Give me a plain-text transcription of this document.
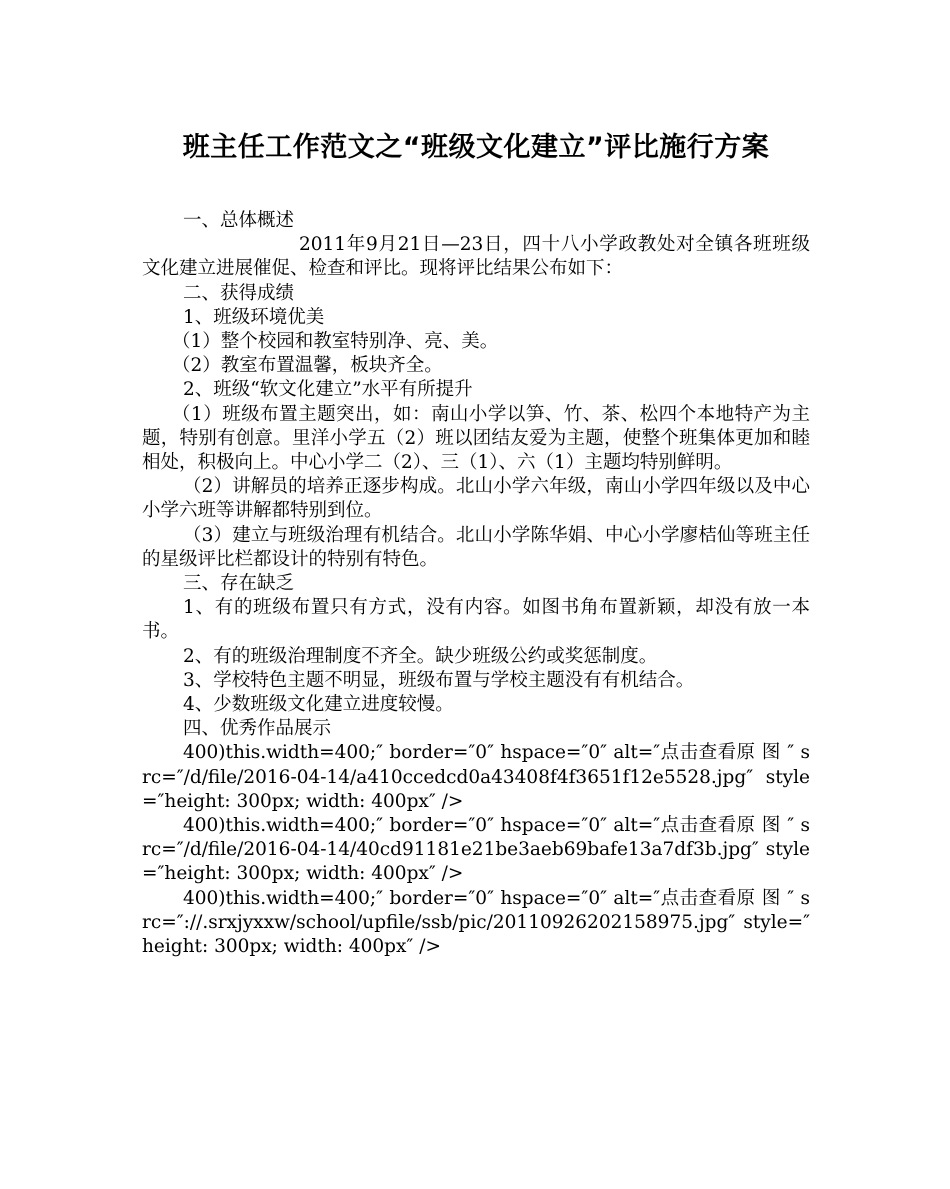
班主任工作范文之“班级文化建立”评比施行方案

一、总体概述

2011年9月21日—23日，四十八小学政教处对全镇各班班级文化建立进展催促、检查和评比。现将评比结果公布如下：

二、获得成绩

1、班级环境优美

（1）整个校园和教室特别净、亮、美。

（2）教室布置温馨，板块齐全。

2、班级“软文化建立”水平有所提升

（1）班级布置主题突出，如：南山小学以笋、竹、茶、松四个本地特产为主题，特别有创意。里洋小学五（2）班以团结友爱为主题，使整个班集体更加和睦相处，积极向上。中心小学二（2）、三（1）、六（1）主题均特别鲜明。

（2）讲解员的培养正逐步构成。北山小学六年级，南山小学四年级以及中心小学六班等讲解都特别到位。

（3）建立与班级治理有机结合。北山小学陈华娟、中心小学廖桔仙等班主任的星级评比栏都设计的特别有特色。

三、存在缺乏

1、有的班级布置只有方式，没有内容。如图书角布置新颖，却没有放一本书。

2、有的班级治理制度不齐全。缺少班级公约或奖惩制度。

3、学校特色主题不明显，班级布置与学校主题没有有机结合。

4、少数班级文化建立进度较慢。

四、优秀作品展示

400)this.width=400;″ border=″0″ hspace=″0″ alt=″点击查看原 图 ″ src=″/d/file/2016-04-14/a410ccedcd0a43408f4f3651f12e5528.jpg″ style=″height: 300px; width: 400px″ />

400)this.width=400;″ border=″0″ hspace=″0″ alt=″点击查看原 图 ″ src=″/d/file/2016-04-14/40cd91181e21be3aeb69bafe13a7df3b.jpg″ style=″height: 300px; width: 400px″ />

400)this.width=400;″ border=″0″ hspace=″0″ alt=″点击查看原 图 ″ src=″://.srxjyxxw/school/upfile/ssb/pic/20110926202158975.jpg″ style=″height: 300px; width: 400px″ />
